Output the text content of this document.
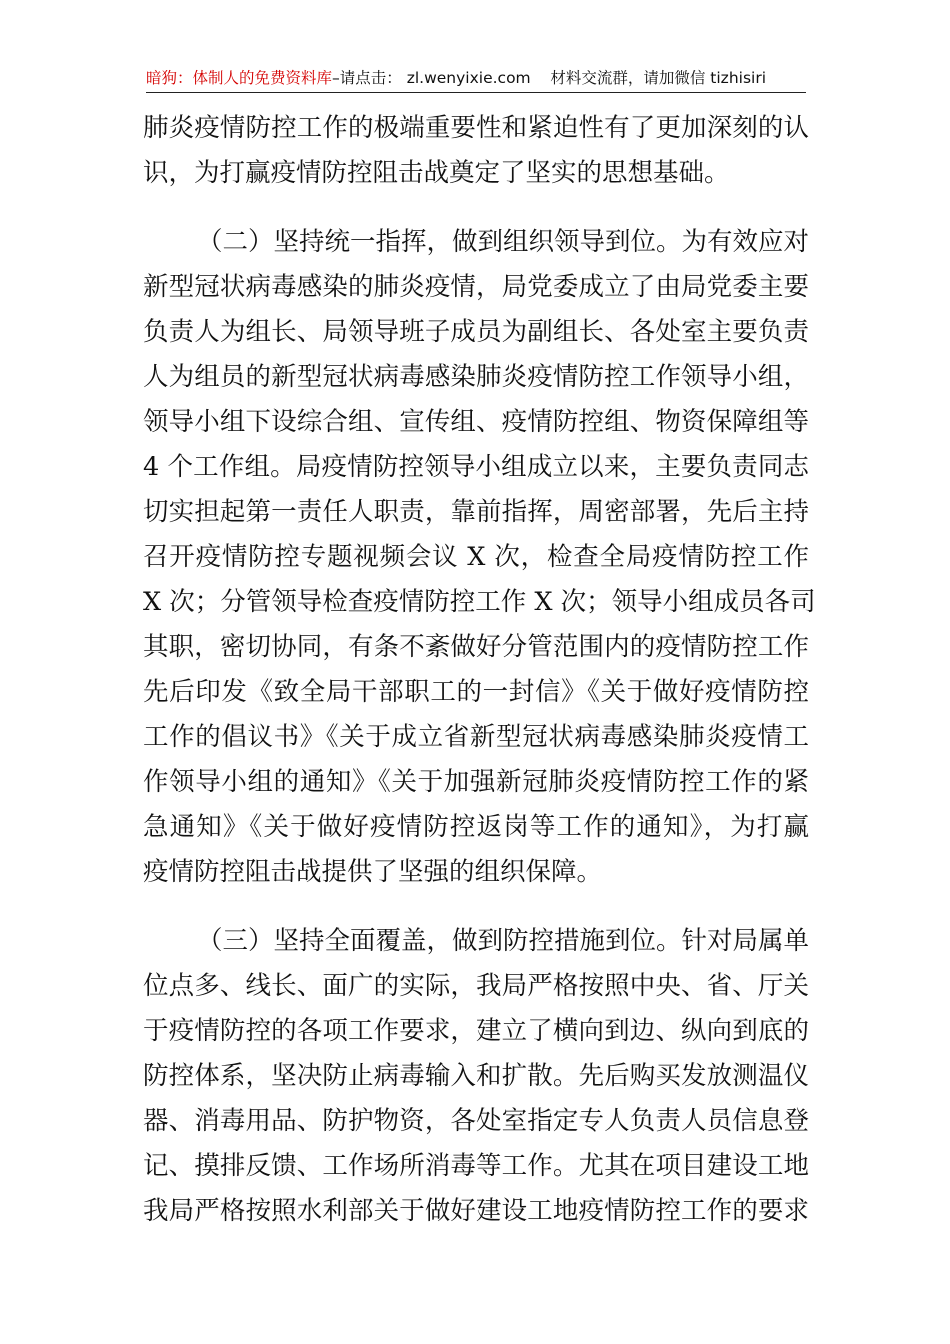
暗狗：体制人的免费资料库–请点击： zl.wenyixie.com 材料交流群，请加微信 tizhisiri
肺炎疫情防控工作的极端重要性和紧迫性有了更加深刻的认
识，为打赢疫情防控阻击战奠定了坚实的思想基础。
（二）坚持统一指挥，做到组织领导到位。为有效应对
新型冠状病毒感染的肺炎疫情，局党委成立了由局党委主要
负责人为组长、局领导班子成员为副组长、各处室主要负责
人为组员的新型冠状病毒感染肺炎疫情防控工作领导小组，
领导小组下设综合组、宣传组、疫情防控组、物资保障组等
4 个工作组。局疫情防控领导小组成立以来，主要负责同志
切实担起第一责任人职责，靠前指挥，周密部署，先后主持
召开疫情防控专题视频会议 X 次，检查全局疫情防控工作
X 次；分管领导检查疫情防控工作 X 次；领导小组成员各司
其职，密切协同，有条不紊做好分管范围内的疫情防控工作
先后印发《致全局干部职工的一封信》《关于做好疫情防控
工作的倡议书》《关于成立省新型冠状病毒感染肺炎疫情工
作领导小组的通知》《关于加强新冠肺炎疫情防控工作的紧
急通知》《关于做好疫情防控返岗等工作的通知》，为打赢
疫情防控阻击战提供了坚强的组织保障。
（三）坚持全面覆盖，做到防控措施到位。针对局属单
位点多、线长、面广的实际，我局严格按照中央、省、厅关
于疫情防控的各项工作要求，建立了横向到边、纵向到底的
防控体系，坚决防止病毒输入和扩散。先后购买发放测温仪
器、消毒用品、防护物资，各处室指定专人负责人员信息登
记、摸排反馈、工作场所消毒等工作。尤其在项目建设工地
我局严格按照水利部关于做好建设工地疫情防控工作的要求
